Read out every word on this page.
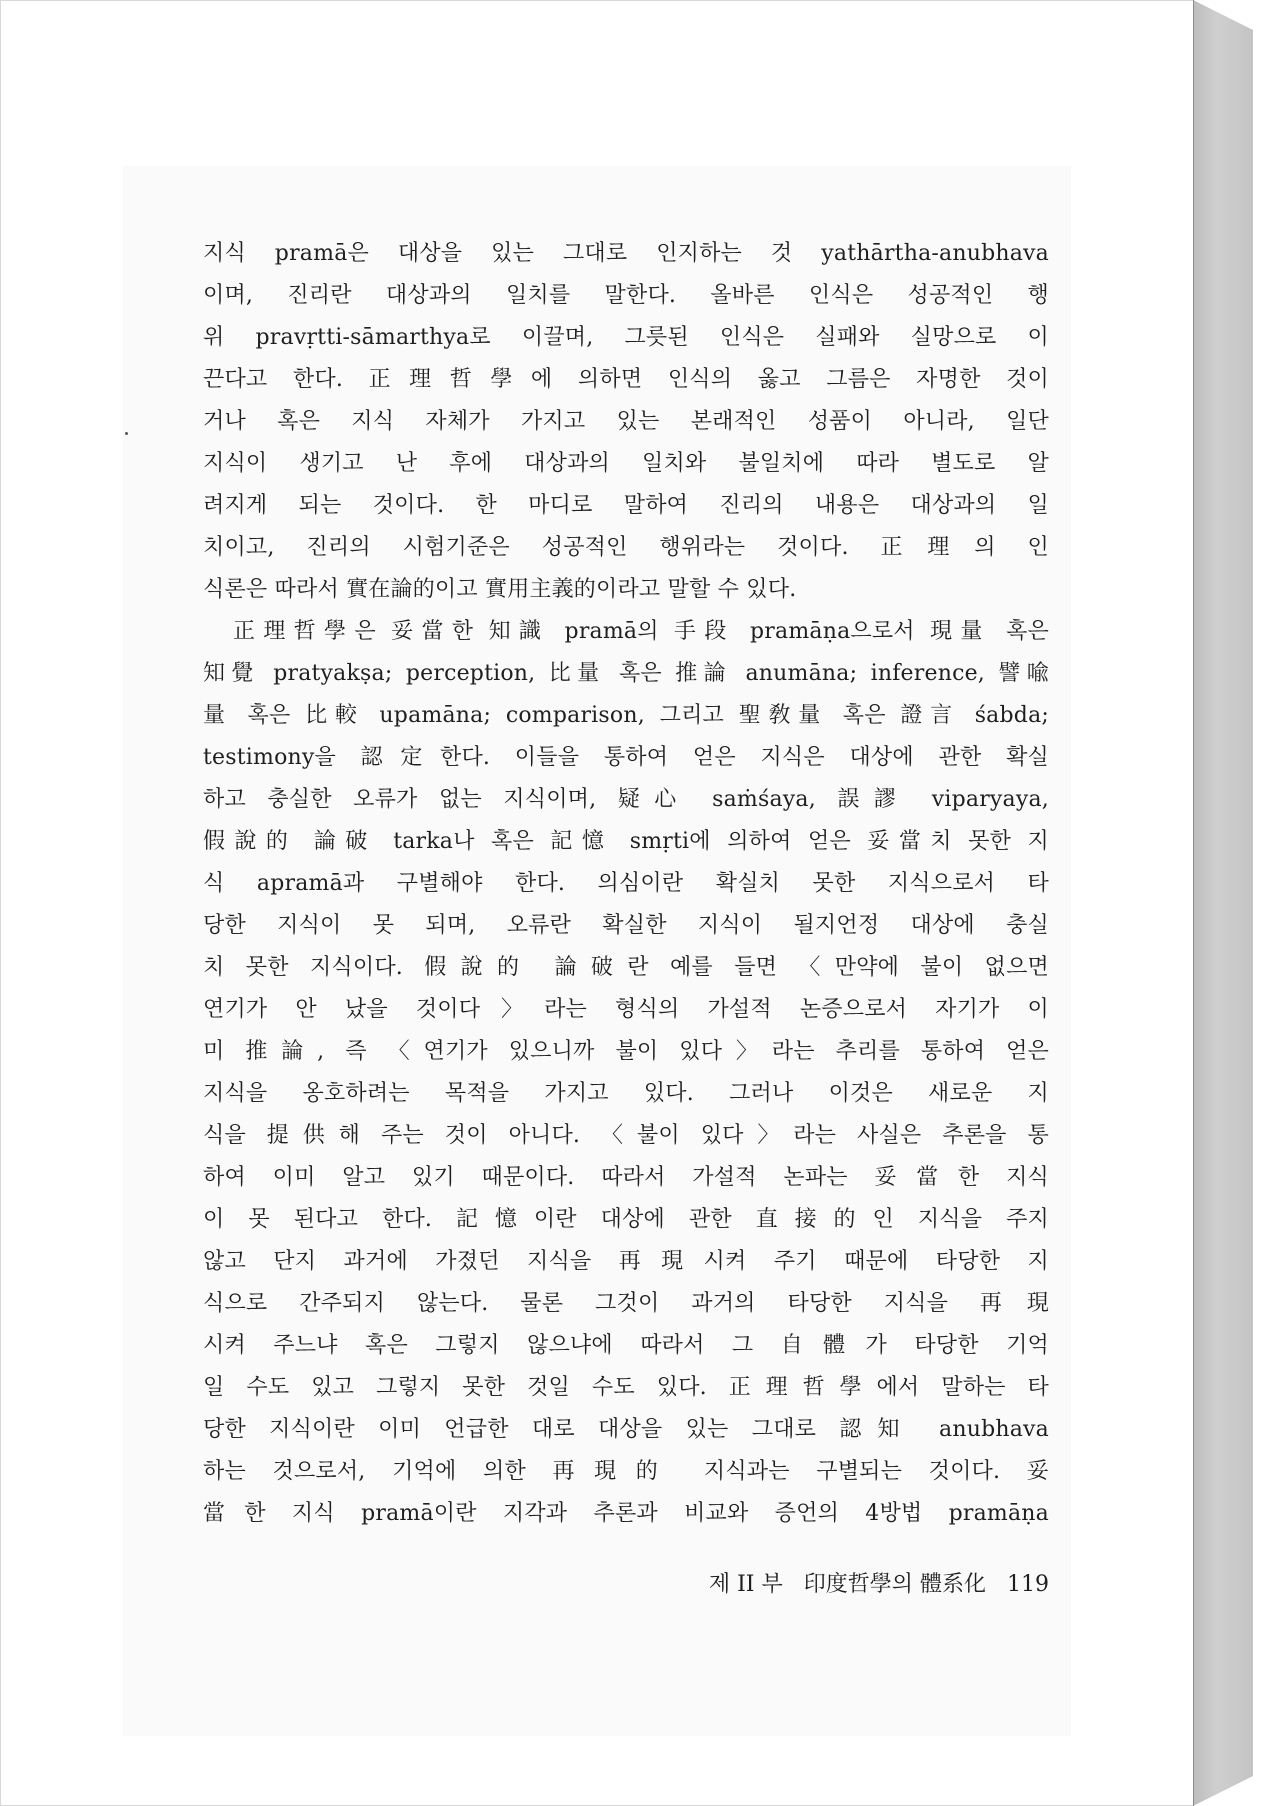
지식 pramā은 대상을 있는 그대로 인지하는 것 yathārtha-anubhava
이며, 진리란 대상과의 일치를 말한다. 올바른 인식은 성공적인 행
위 pravṛtti-sāmarthya로 이끌며, 그릇된 인식은 실패와 실망으로 이
끈다고 한다. 正理哲學에 의하면 인식의 옳고 그름은 자명한 것이
거나 혹은 지식 자체가 가지고 있는 본래적인 성품이 아니라, 일단
지식이 생기고 난 후에 대상과의 일치와 불일치에 따라 별도로 알
려지게 되는 것이다. 한 마디로 말하여 진리의 내용은 대상과의 일
치이고, 진리의 시험기준은 성공적인 행위라는 것이다. 正理의 인
식론은 따라서 實在論的이고 實用主義的이라고 말할 수 있다.
正理哲學은 妥當한 知識 pramā의 手段 pramāṇa으로서 現量 혹은
知覺 pratyakṣa; perception, 比量 혹은 推論 anumāna; inference, 譬喩
量 혹은 比較 upamāna; comparison, 그리고 聖敎量 혹은 證言 śabda;
testimony을 認定한다. 이들을 통하여 얻은 지식은 대상에 관한 확실
하고 충실한 오류가 없는 지식이며, 疑心 saṁśaya, 誤謬 viparyaya,
假說的 論破 tarka나 혹은 記憶 smṛti에 의하여 얻은 妥當치 못한 지
식 apramā과 구별해야 한다. 의심이란 확실치 못한 지식으로서 타
당한 지식이 못 되며, 오류란 확실한 지식이 될지언정 대상에 충실
치 못한 지식이다. 假說的 論破란 예를 들면 〈만약에 불이 없으면
연기가 안 났을 것이다〉라는 형식의 가설적 논증으로서 자기가 이
미 推論, 즉 〈연기가 있으니까 불이 있다〉라는 추리를 통하여 얻은
지식을 옹호하려는 목적을 가지고 있다. 그러나 이것은 새로운 지
식을 提供해 주는 것이 아니다. 〈불이 있다〉라는 사실은 추론을 통
하여 이미 알고 있기 때문이다. 따라서 가설적 논파는 妥當한 지식
이 못 된다고 한다. 記憶이란 대상에 관한 直接的인 지식을 주지
않고 단지 과거에 가졌던 지식을 再現시켜 주기 때문에 타당한 지
식으로 간주되지 않는다. 물론 그것이 과거의 타당한 지식을 再現
시켜 주느냐 혹은 그렇지 않으냐에 따라서 그 自體가 타당한 기억
일 수도 있고 그렇지 못한 것일 수도 있다. 正理哲學에서 말하는 타
당한 지식이란 이미 언급한 대로 대상을 있는 그대로 認知 anubhava
하는 것으로서, 기억에 의한 再現的 지식과는 구별되는 것이다. 妥
當한 지식 pramā이란 지각과 추론과 비교와 증언의 4방법 pramāṇa
제 II 부 印度哲學의 體系化 119
